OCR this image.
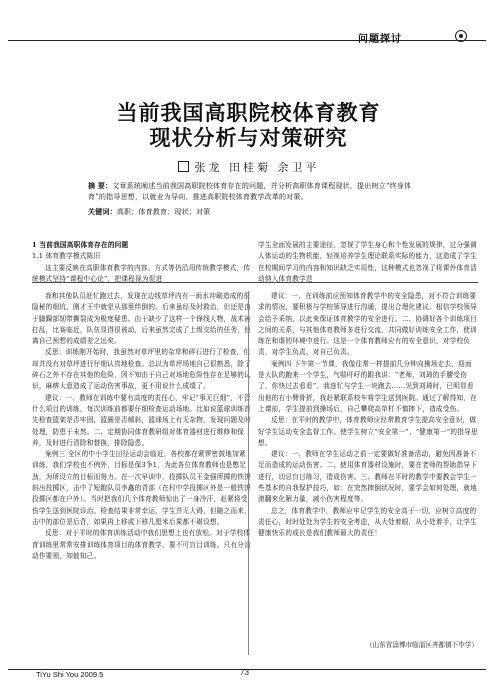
问题探讨
当前我国高职院校体育教育
现状分析与对策研究
张龙 田桂菊 余卫平
摘 要：文章系统阐述当前我国高职院校体育存在的问题，并分析高职体育课程现状，提出树立“终身体育”的指导思想，以就业为导向、推进高职院校体育教学改革的对策。
关键词：高职；体育教育；现状；对策

1 当前我国高职体育存在的问题

1.1 体育教学模式陈旧

这主要反映在高职体育教学的内容、方式等仍沿用传统教学模式，传统模式坚持“课程中心论”，把课程视为促进

学生全面发展的主要途径，忽视了学生身心和个性发展的规律，过分强调人体运动的生物机能，轻视培养学生理论联系实际的能力，这造成了学生在校期间学习的内容和知识缺乏实用性，这种模式也忽视了将课外体育活动纳入体育教学范

我和其他队员赶忙跑过去，发现在边线草坪内有一雨水冲刷造成的很隐秘的细坑，刚才王中就是从那里绊倒的。后来虽经及时救治，但还是由于脚踝部韧带撕裂成为极度疑患。由于缺少了这样一个锋线人物，战术被打乱，比赛临近，队伍显得很被动，后来虽然完成了上级交给的任务，但离自己预想的成绩差之远矣。

反思：训练刚开始时，我虽然对草坪里的杂草和碎石进行了检查，但却并没有对草坪进行仔细认真地检查。总以为草坪场地自己很熟悉，除了碎石之外不存在其他的危险，因不知由于自己对场地危险性存在足够的认识，麻痹大意造成了运动伤害事故，更不用说什么成绩了。

建议：一、教师在训练中要有高度的责任心，牢记“事无巨细”，不管什么项目的训练，每次训练前都要仔细检查运动场地。比如说篮球训练首先检查篮架是否牢固，篮圈是否倾斜，篮球场上有无杂物，发现问题及时处理，防患于未然。二、定期协同体育教研组对体育器材进行维修和保养，及时进行清除和替换，排除隐患。

案例三 全区的中小学生田径运动会临近，各校都在紧锣密鼓地加紧训练，我们学校也不例外，目标是保3争1，为此各位体育教师也是憋足劲，为所设立的目标而努力。在一次早训中，投掷队员王金强所掷的铁饼斜出投掷区，击中了短跑队员李鑫的背部（在村中学投掷区外是一般铁饼投掷区都在户外）。当时把我们几个体育教师惊出了一身冷汗，赶紧将受伤学生送到医院诊治。检查结果非常幸运，学生并无大碍，但随之而来，击中的部位是后背，如果再上移或下移几厘米后果都不堪设想。

反思：对于平时的体育训练活动中我们思想上也有放松。对于学校体育训练里常常安排训练体育项目的体育教学，要不可盲目训练。只有分清动作要领，知彼知己。

建议：一、在训练前应预知体育教学中的安全隐患，对不符合训练要求的情况，要积极与学校领导进行沟通，提出合理化建议。相信学校领导会给予采纳，以此来保证体育教学的安全进行。二、协调好各个训练项目之间的关系，与其他体育教师多进行交流，共同做好训练安全工作，使训练在和谐的环境中进行。这是一个体育教师应有的安全意识，对学校负责，对学生负责，对自己负责。

案例四 下午第一节课，我像往常一样提前几分钟向操场走去，迎面是大队的跑来一个学生，气喘吁吁的跟我讲：“老师，刘琦的手腰受伤了，你快过去看看”。我连忙与学生一块跑去……见到刘琦时，已明显看出他的右小臂骨折，我赶紧联系校车将学生送到医院。通过了解得知，在上课前，学生提前到操场后，自己攀爬高单杠不慎摔下，造成受伤。

反思：在平时的教学中，体育教师应经常教育学生提高安全意识，做好学生运动安全监督工作。使学生树立“安全第一”、“健康第一”的指导思想。

建议：一、教师在学生运动之前一定要做好准备活动，避免因准备不足而造成的运动伤害。二、使用体育器材设施时，要在老师的帮助指导下进行，切忌盲目练习，造成伤害。三、教师在平时的教学中要教会学生一些基本的自我保护技巧，如：在突然摔倒状况时，要学会如何处理，就地滚翻来化解力量，减小伤害程度等。

总之，体育教学中，教师应牢记学生的安全高于一切，应树立高度的责任心，时时处处为学生的安全考虑，从大处着眼，从小处着手，让学生健康快乐的成长是我们教师最大的责任！

（山东省淄博市临淄区齐都镇下中学）
TiYu Shi You 2009.5	73
